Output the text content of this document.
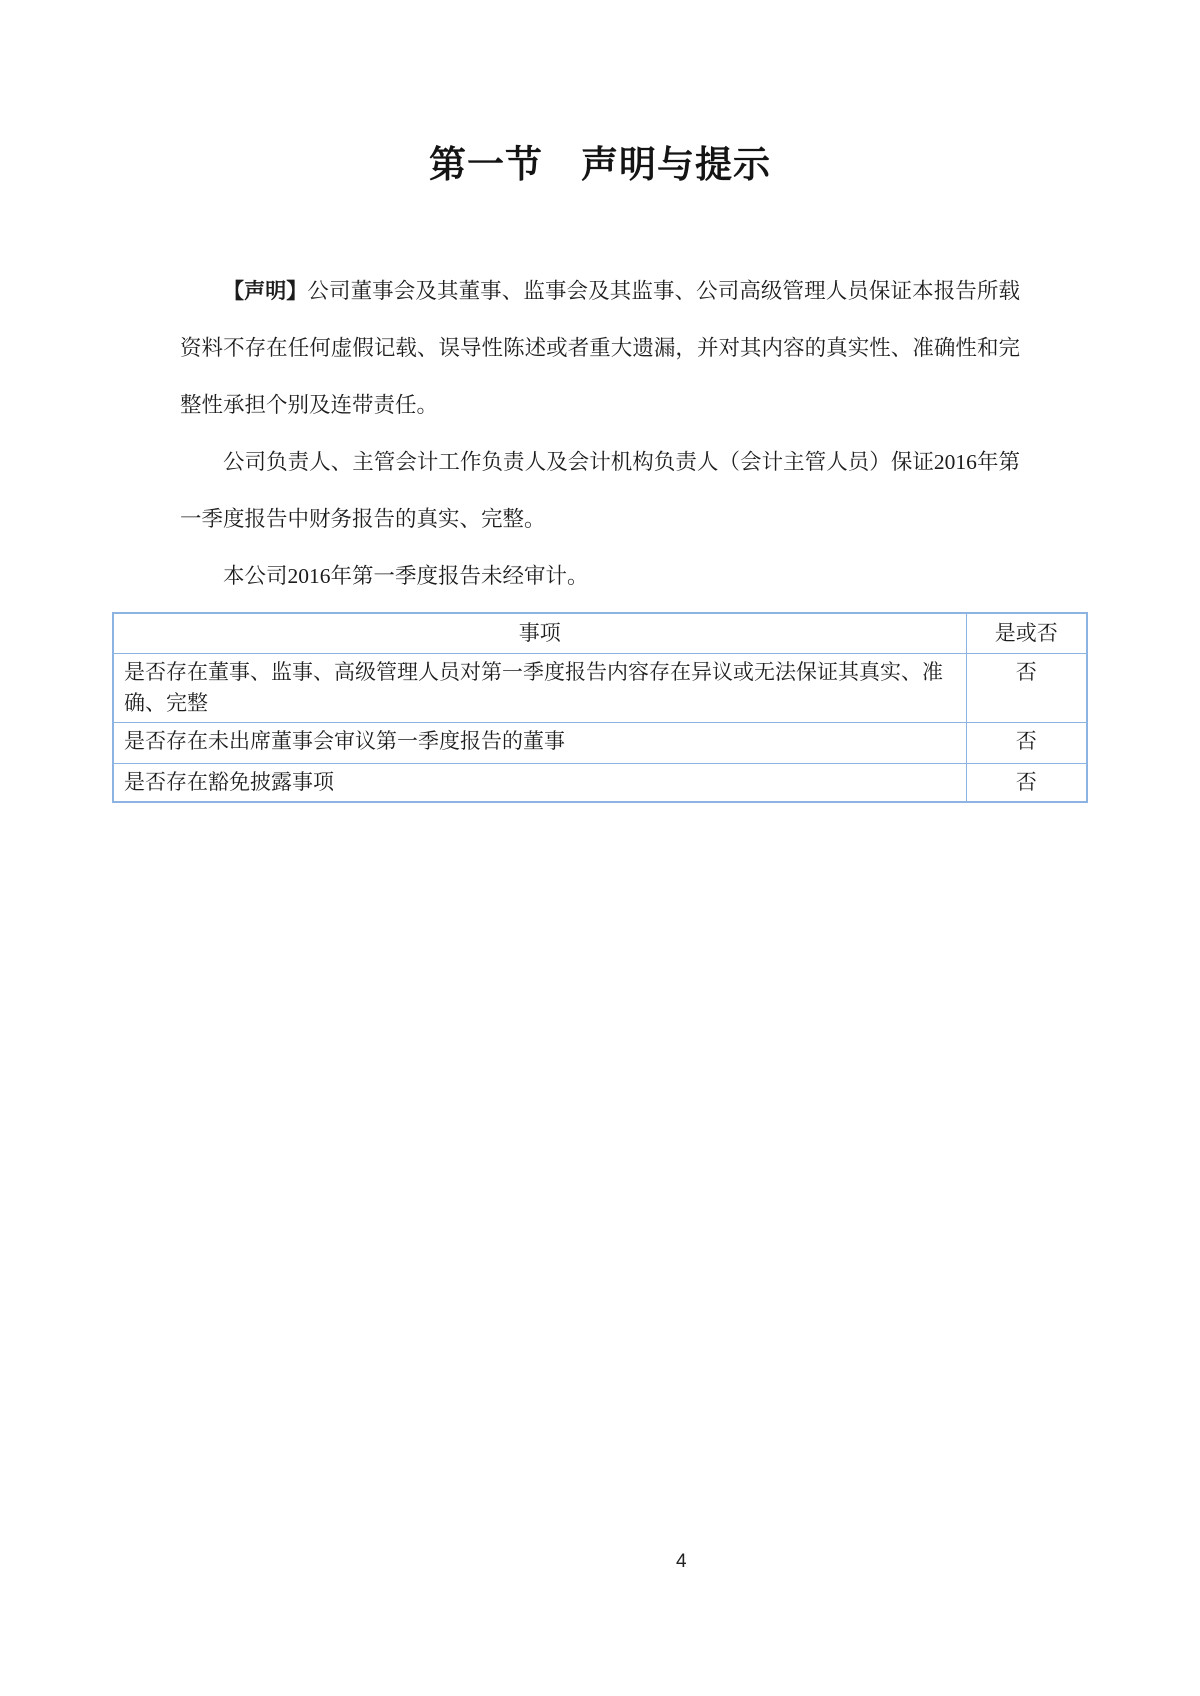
第一节　声明与提示

【声明】公司董事会及其董事、监事会及其监事、公司高级管理人员保证本报告所载资料不存在任何虚假记载、误导性陈述或者重大遗漏，并对其内容的真实性、准确性和完整性承担个别及连带责任。

公司负责人、主管会计工作负责人及会计机构负责人（会计主管人员）保证2016年第一季度报告中财务报告的真实、完整。

本公司2016年第一季度报告未经审计。

事项	是或否
是否存在董事、监事、高级管理人员对第一季度报告内容存在异议或无法保证其真实、准确、完整	否
是否存在未出席董事会审议第一季度报告的董事	否
是否存在豁免披露事项	否
4
